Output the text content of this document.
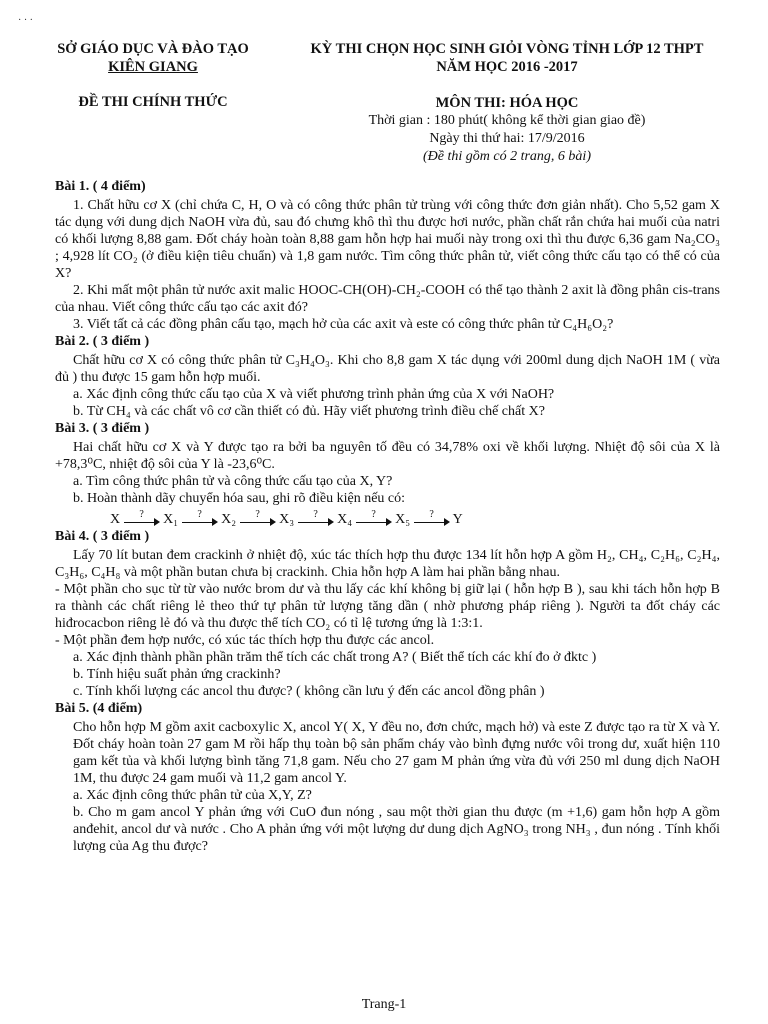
· · ·
SỞ GIÁO DỤC VÀ ĐÀO TẠO
KIÊN GIANG
ĐỀ THI CHÍNH THỨC
KỲ THI CHỌN HỌC SINH GIỎI VÒNG TỈNH LỚP 12 THPT
NĂM HỌC 2016 -2017
MÔN THI: HÓA HỌC
Thời gian : 180 phút( không kể thời gian giao đề)
Ngày thi thứ hai: 17/9/2016
(Đề thi gồm có 2 trang, 6 bài)
Bài 1. ( 4 điểm)

1. Chất hữu cơ X (chỉ chứa C, H, O và có công thức phân tử trùng với công thức đơn giản nhất). Cho 5,52 gam X tác dụng với dung dịch NaOH vừa đủ, sau đó chưng khô thì thu được hơi nước, phần chất rắn chứa hai muối của natri có khối lượng 8,88 gam. Đốt cháy hoàn toàn 8,88 gam hỗn hợp hai muối này trong oxi thì thu được 6,36 gam Na₂CO₃ ; 4,928 lít CO₂ (ở điều kiện tiêu chuẩn) và 1,8 gam nước. Tìm công thức phân tử, viết công thức cấu tạo có thể có của X?

2. Khi mất một phân tử nước axit malic HOOC-CH(OH)-CH₂-COOH có thể tạo thành 2 axit là đồng phân cis-trans của nhau. Viết công thức cấu tạo các axit đó?

3. Viết tất cả các đồng phân cấu tạo, mạch hở của các axit và este có công thức phân tử C₄H₆O₂?

Bài 2. ( 3 điểm )

Chất hữu cơ X có công thức phân tử C₃H₄O₃. Khi cho 8,8 gam X tác dụng với 200ml dung dịch NaOH 1M ( vừa đủ ) thu được 15 gam hỗn hợp muối.

a. Xác định công thức cấu tạo của X và viết phương trình phản ứng của X với NaOH?

b. Từ CH₄ và các chất vô cơ cần thiết có đủ. Hãy viết phương trình điều chế chất X?

Bài 3. ( 3 điểm )

Hai chất hữu cơ X và Y được tạo ra bởi ba nguyên tố đều có 34,78% oxi về khối lượng. Nhiệt độ sôi của X là +78,3⁰C, nhiệt độ sôi của Y là -23,6⁰C.

a. Tìm công thức phân tử và công thức cấu tạo của X, Y?

b. Hoàn thành dãy chuyển hóa sau, ghi rõ điều kiện nếu có:

X	?	X₁	?	X₂	?	X₃	?	X₄	?	X₅	?	Y
Bài 4. ( 3 điểm )

Lấy 70 lít butan đem crackinh ở nhiệt độ, xúc tác thích hợp thu được 134 lít hỗn hợp A gồm H₂, CH₄, C₂H₆, C₂H₄, C₃H₆, C₄H₈ và một phần butan chưa bị crackinh. Chia hỗn hợp A làm hai phần bằng nhau.

- Một phần cho sục từ từ vào nước brom dư và thu lấy các khí không bị giữ lại ( hỗn hợp B ), sau khi tách hỗn hợp B ra thành các chất riêng lẻ theo thứ tự phân tử lượng tăng dần ( nhờ phương pháp riêng ). Người ta đốt cháy các hiđrocacbon riêng lẻ đó và thu được thể tích CO₂ có tỉ lệ tương ứng là 1:3:1.

- Một phần đem hợp nước, có xúc tác thích hợp thu được các ancol.

a. Xác định thành phần phần trăm thể tích các chất trong A? ( Biết thể tích các khí đo ở đktc )

b. Tính hiệu suất phản ứng crackinh?

c. Tính khối lượng các ancol thu được? ( không cần lưu ý đến các ancol đồng phân )

Bài 5. (4 điểm)

Cho hỗn hợp M gồm axit cacboxylic X, ancol Y( X, Y đều no, đơn chức, mạch hở) và este Z được tạo ra từ X và Y. Đốt cháy hoàn toàn 27 gam M rồi hấp thụ toàn bộ sản phẩm cháy vào bình đựng nước vôi trong dư, xuất hiện 110 gam kết tủa và khối lượng bình tăng 71,8 gam. Nếu cho 27 gam M phản ứng vừa đủ với 250 ml dung dịch NaOH 1M, thu được 24 gam muối và 11,2 gam ancol Y.

a. Xác định công thức phân tử của X,Y, Z?

b. Cho m gam ancol Y phản ứng với CuO đun nóng , sau một thời gian thu được (m +1,6) gam hỗn hợp A gồm anđehit, ancol dư và nước . Cho A phản ứng với một lượng dư dung dịch AgNO₃ trong NH₃ , đun nóng . Tính khối lượng của Ag thu được?

Trang-1
